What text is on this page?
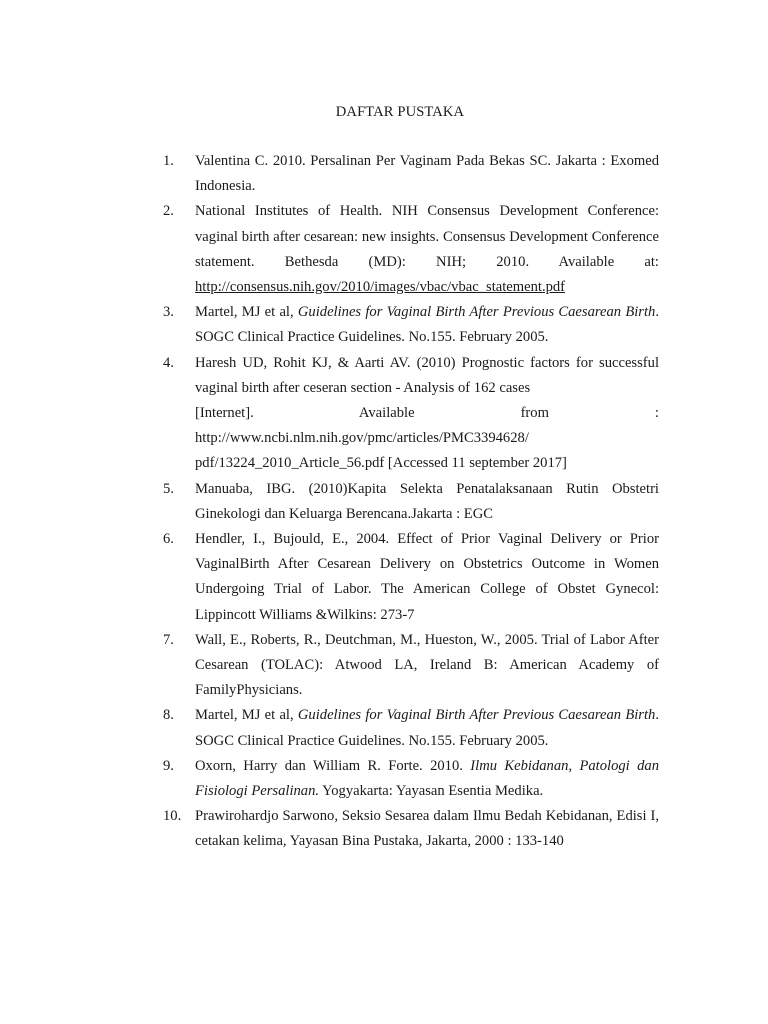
DAFTAR PUSTAKA
1. Valentina C. 2010. Persalinan Per Vaginam Pada Bekas SC. Jakarta : Exomed Indonesia.
2. National Institutes of Health. NIH Consensus Development Conference: vaginal birth after cesarean: new insights. Consensus Development Conference statement. Bethesda (MD): NIH; 2010. Available at: http://consensus.nih.gov/2010/images/vbac/vbac_statement.pdf
3. Martel, MJ et al, Guidelines for Vaginal Birth After Previous Caesarean Birth. SOGC Clinical Practice Guidelines. No.155. February 2005.
4. Haresh UD, Rohit KJ, & Aarti AV. (2010) Prognostic factors for successful vaginal birth after ceseran section - Analysis of 162 cases
[Internet]. Available from :
http://www.ncbi.nlm.nih.gov/pmc/articles/PMC3394628/
pdf/13224_2010_Article_56.pdf [Accessed 11 september 2017]
5. Manuaba, IBG. (2010)Kapita Selekta Penatalaksanaan Rutin Obstetri Ginekologi dan Keluarga Berencana.Jakarta : EGC
6. Hendler, I., Bujould, E., 2004. Effect of Prior Vaginal Delivery or Prior VaginalBirth After Cesarean Delivery on Obstetrics Outcome in Women Undergoing Trial of Labor. The American College of Obstet Gynecol: Lippincott Williams &Wilkins: 273-7
7. Wall, E., Roberts, R., Deutchman, M., Hueston, W., 2005. Trial of Labor After Cesarean (TOLAC): Atwood LA, Ireland B: American Academy of FamilyPhysicians.
8. Martel, MJ et al, Guidelines for Vaginal Birth After Previous Caesarean Birth. SOGC Clinical Practice Guidelines. No.155. February 2005.
9. Oxorn, Harry dan William R. Forte. 2010. Ilmu Kebidanan, Patologi dan Fisiologi Persalinan. Yogyakarta: Yayasan Esentia Medika.
10. Prawirohardjo Sarwono, Seksio Sesarea dalam Ilmu Bedah Kebidanan, Edisi I, cetakan kelima, Yayasan Bina Pustaka, Jakarta, 2000 : 133-140
